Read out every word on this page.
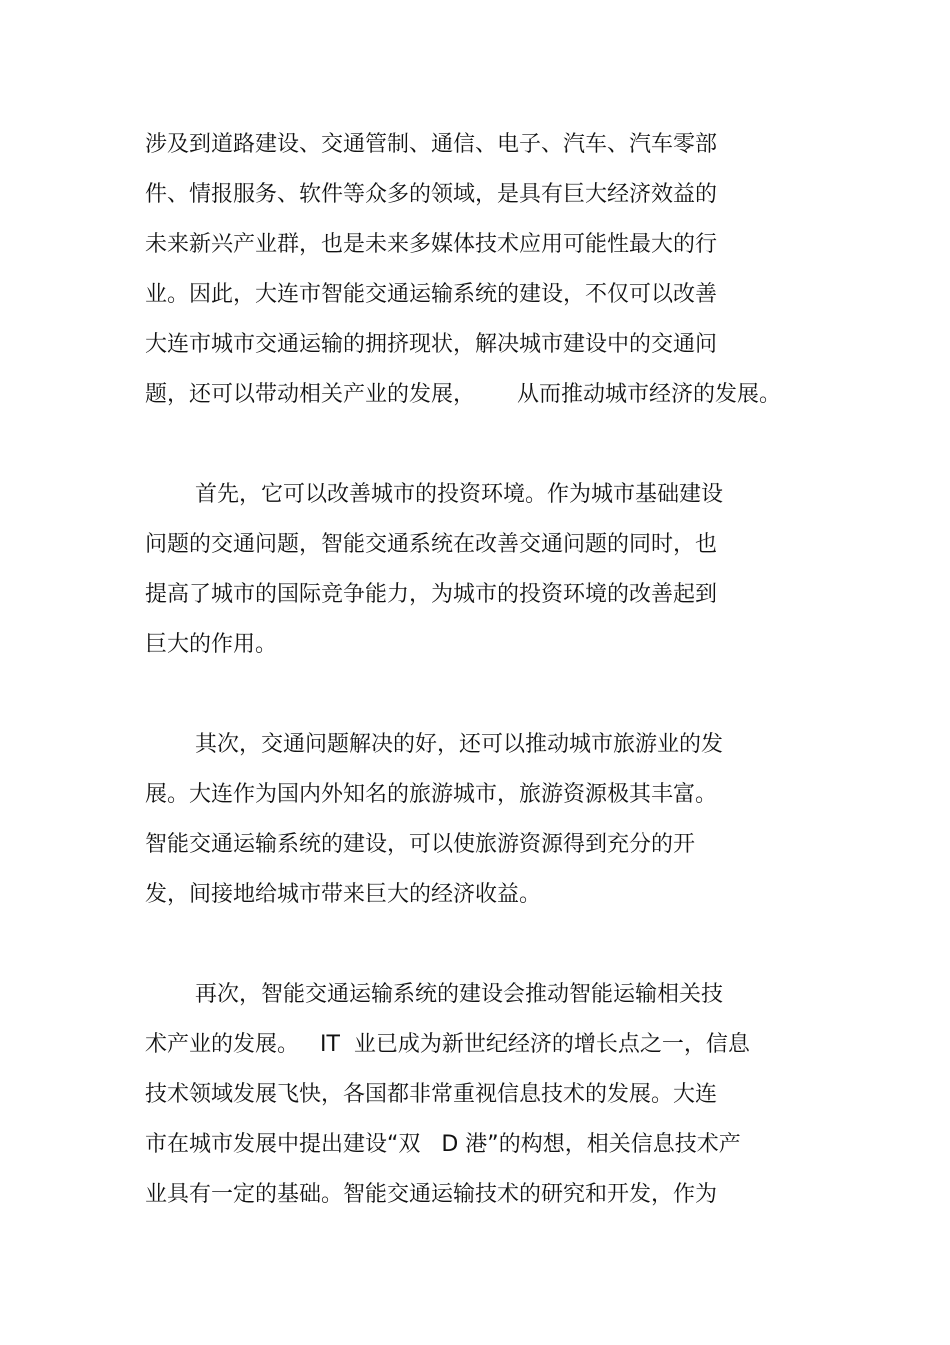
涉及到道路建设、交通管制、通信、电子、汽车、汽车零部
件、情报服务、软件等众多的领域，是具有巨大经济效益的
未来新兴产业群，也是未来多媒体技术应用可能性最大的行
业。因此，大连市智能交通运输系统的建设，不仅可以改善
大连市城市交通运输的拥挤现状，解决城市建设中的交通问
题，还可以带动相关产业的发展，      从而推动城市经济的发展。
首先，它可以改善城市的投资环境。作为城市基础建设
问题的交通问题，智能交通系统在改善交通问题的同时，也
提高了城市的国际竞争能力，为城市的投资环境的改善起到
巨大的作用。
其次，交通问题解决的好，还可以推动城市旅游业的发
展。大连作为国内外知名的旅游城市，旅游资源极其丰富。
智能交通运输系统的建设，可以使旅游资源得到充分的开
发，间接地给城市带来巨大的经济收益。
再次，智能交通运输系统的建设会推动智能运输相关技
术产业的发展。   IT  业已成为新世纪经济的增长点之一，信息
技术领域发展飞快，各国都非常重视信息技术的发展。大连
市在城市发展中提出建设“双   D 港”的构想，相关信息技术产
业具有一定的基础。智能交通运输技术的研究和开发，作为
